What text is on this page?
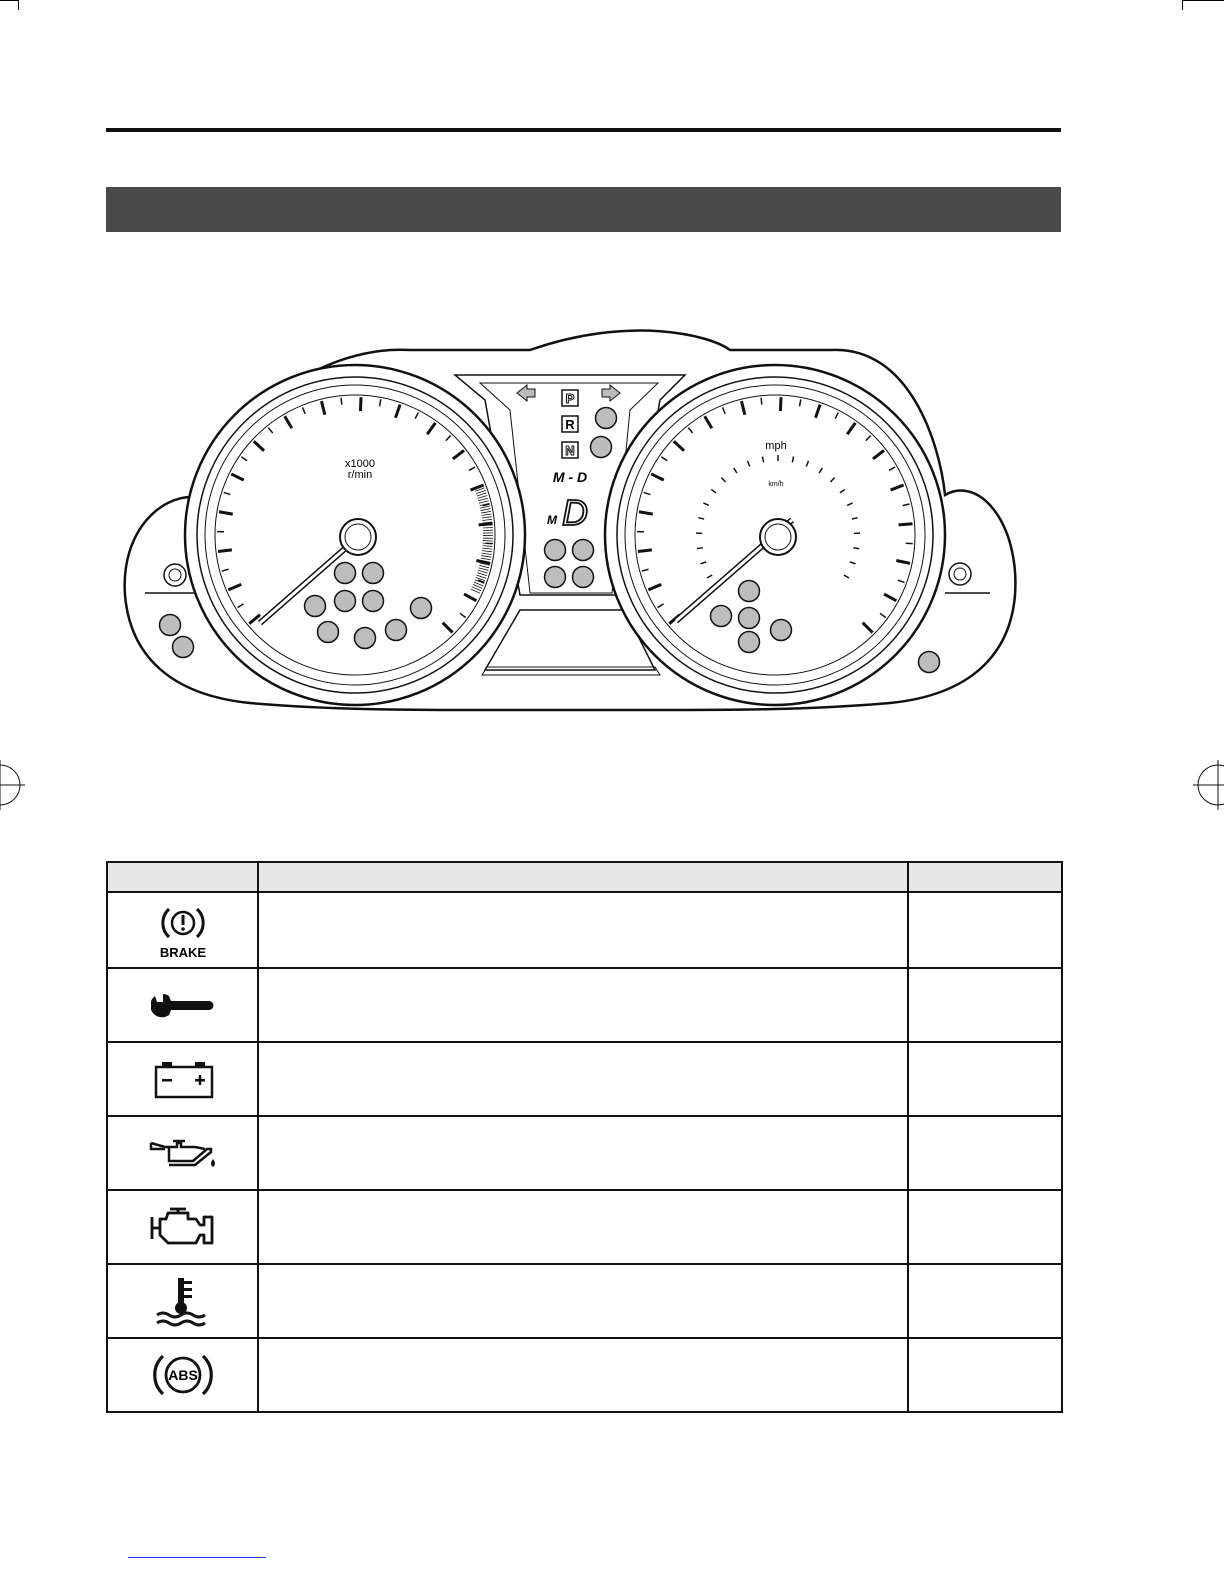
x1000
r/min
mph
km/h
P
R
N
M - D
M D

BRAKE		

ABS		
